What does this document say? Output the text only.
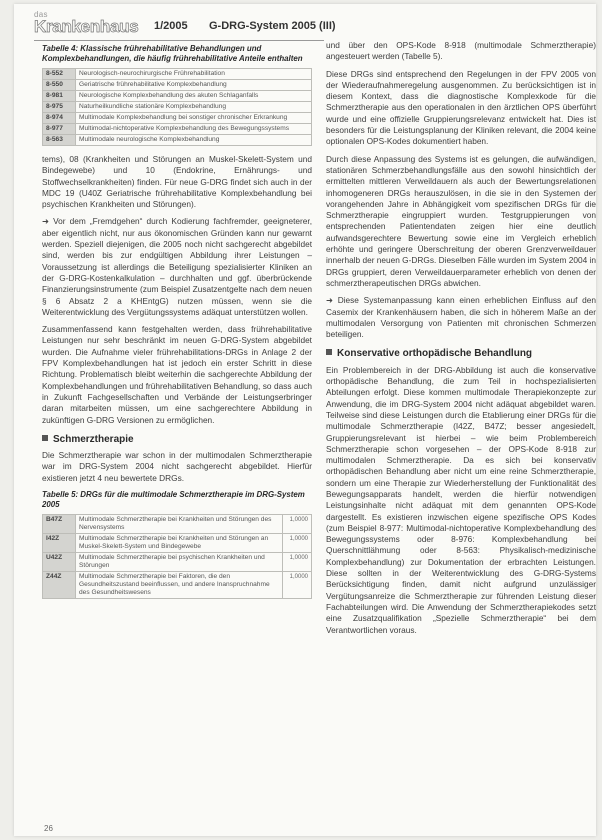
das
Krankenhaus 1/2005 G-DRG-System 2005 (III)
Tabelle 4: Klassische frührehabilitative Behandlungen und Komplexbehandlungen, die häufig frührehabilitative Anteile enthalten
8-552	Neurologisch-neurochirurgische Frührehabilitation
8-550	Geriatrische frührehabilitative Komplexbehandlung
8-981	Neurologische Komplexbehandlung des akuten Schlaganfalls
8-975	Naturheilkundliche stationäre Komplexbehandlung
8-974	Multimodale Komplexbehandlung bei sonstiger chronischer Erkrankung
8-977	Multimodal-nichtoperative Komplexbehandlung des Bewegungssystems
8-563	Multimodale neurologische Komplexbehandlung

tems), 08 (Krankheiten und Störungen an Muskel-Skelett-System und Bindegewebe) und 10 (Endokrine, Ernährungs- und Stoffwechselkrankheiten) finden. Für neue G-DRG findet sich auch in der MDC 19 (U40Z Geriatrische frührehabilitative Komplexbehandlung bei psychischen Krankheiten und Störungen).

➜ Vor dem „Fremdgehen“ durch Kodierung fachfremder, geeigneterer, aber eigentlich nicht, nur aus ökonomischen Gründen kann nur gewarnt werden. Speziell diejenigen, die 2005 noch nicht sachgerecht abgebildet sind, werden bis zur endgültigen Abbildung ihrer Leistungen – Voraussetzung ist allerdings die Beteiligung spezialisierter Kliniken an der G-DRG-Kostenkalkulation – durchhalten und ggf. überbrückende Finanzierungsinstrumente (zum Beispiel Zusatzentgelte nach dem neuen § 6 Absatz 2 a KHEntgG) nutzen müssen, wenn sie die Weiterentwicklung des Vergütungssystems adäquat unterstützen wollen.

Zusammenfassend kann festgehalten werden, dass frührehabilitative Leistungen nur sehr beschränkt im neuen G-DRG-System abgebildet wurden. Die Aufnahme vieler frührehabilitations-DRGs in Anlage 2 der FPV Komplexbehandlungen hat ist jedoch ein erster Schritt in diese Richtung. Problematisch bleibt weiterhin die sachgerechte Abbildung der Komplexbehandlungen und frührehabilitativen Behandlung, so dass auch in Zukunft Fachgesellschaften und Verbände der Leistungserbringer daran mitarbeiten müssen, um eine sachgerechtere Abbildung in zukünftigen G-DRG Versionen zu ermöglichen.

Schmerztherapie

Die Schmerztherapie war schon in der multimodalen Schmerztherapie war im DRG-System 2004 nicht sachgerecht abgebildet. Hierfür existieren jetzt 4 neu bewertete DRGs.

Tabelle 5: DRGs für die multimodale Schmerztherapie im DRG-System 2005
B47Z	Multimodale Schmerztherapie bei Krankheiten und Störungen des Nervensystems	1,0000
I42Z	Multimodale Schmerztherapie bei Krankheiten und Störungen an Muskel-Skelett-System und Bindegewebe	1,0000
U42Z	Multimodale Schmerztherapie bei psychischen Krankheiten und Störungen	1,0000
Z44Z	Multimodale Schmerztherapie bei Faktoren, die den Gesundheitszustand beeinflussen, und andere Inanspruchnahme des Gesundheitswesens	1,0000

und über den OPS-Kode 8-918 (multimodale Schmerztherapie) angesteuert werden (Tabelle 5).

Diese DRGs sind entsprechend den Regelungen in der FPV 2005 von der Wiederaufnahmeregelung ausgenommen. Zu berücksichtigen ist in diesem Kontext, dass die diagnostische Komplexkode für die Schmerztherapie aus den operationalen in den ärztlichen OPS überführt wurde und eine offizielle Gruppierungsrelevanz entwickelt hat. Dies ist besonders für die Leistungsplanung der Kliniken relevant, die 2004 keine optionalen OPS-Kodes dokumentiert haben.

Durch diese Anpassung des Systems ist es gelungen, die aufwändigen, stationären Schmerzbehandlungsfälle aus den sowohl hinsichtlich der ermittelten mittleren Verweildauern als auch der Bewertungsrelationen inhomogeneren DRGs herauszulösen, in die sie in den Systemen der vorangehenden Jahre in Abhängigkeit vom spezifischen DRGs für die Schmerztherapie eingruppiert wurden. Testgruppierungen von entsprechenden Patientendaten zeigen hier eine deutlich aufwandsgerechtere Bewertung sowie eine im Vergleich erheblich erhöhte und geringere Überschreitung der oberen Grenzverweildauer innerhalb der neuen G-DRGs. Dieselben Fälle wurden im System 2004 in DRGs gruppiert, deren Verweildauerparameter erheblich von denen der schmerztherapeutischen DRGs abwichen.

➜ Diese Systemanpassung kann einen erheblichen Einfluss auf den Casemix der Krankenhäusern haben, die sich in höherem Maße an der multimodalen Versorgung von Patienten mit chronischen Schmerzen beteiligen.

Konservative orthopädische Behandlung

Ein Problembereich in der DRG-Abbildung ist auch die konservative orthopädische Behandlung, die zum Teil in hochspezialisierten Abteilungen erfolgt. Diese kommen multimodale Therapiekonzepte zur Anwendung, die im DRG-System 2004 nicht adäquat abgebildet waren. Teilweise sind diese Leistungen durch die Etablierung einer DRGs für die multimodale Schmerztherapie (I42Z, B47Z; besser angesiedelt, Gruppierungsrelevant ist hierbei – wie beim Problembereich Schmerztherapie schon vorgesehen – der OPS-Kode 8-918 zur multimodalen Schmerztherapie. Da es sich bei konservativ orthopädischen Behandlung aber nicht um eine reine Schmerztherapie, sondern um eine Therapie zur Wiederherstellung der Funktionalität des Bewegungsapparats handelt, werden die hierfür notwendigen Leistungsinhalte nicht adäquat mit dem genannten OPS-Kode dargestellt. Es existieren inzwischen eigene spezifische OPS Kodes (zum Beispiel 8-977: Multimodal-nichtoperative Komplexbehandlung des Bewegungssystems oder 8-976: Komplexbehandlung bei Querschnittlähmung oder 8-563: Physikalisch-medizinische Komplexbehandlung) zur Dokumentation der erbrachten Leistungen. Diese sollten in der Weiterentwicklung des G-DRG-Systems Berücksichtigung finden, damit nicht aufgrund unzulässiger Vergütungsanreize die Schmerztherapie zur führenden Leistung dieser Fachabteilungen wird. Die Anwendung der Schmerztherapiekodes setzt eine Zusatzqualifikation „Spezielle Schmerztherapie“ bei dem Verantwortlichen voraus.

26
